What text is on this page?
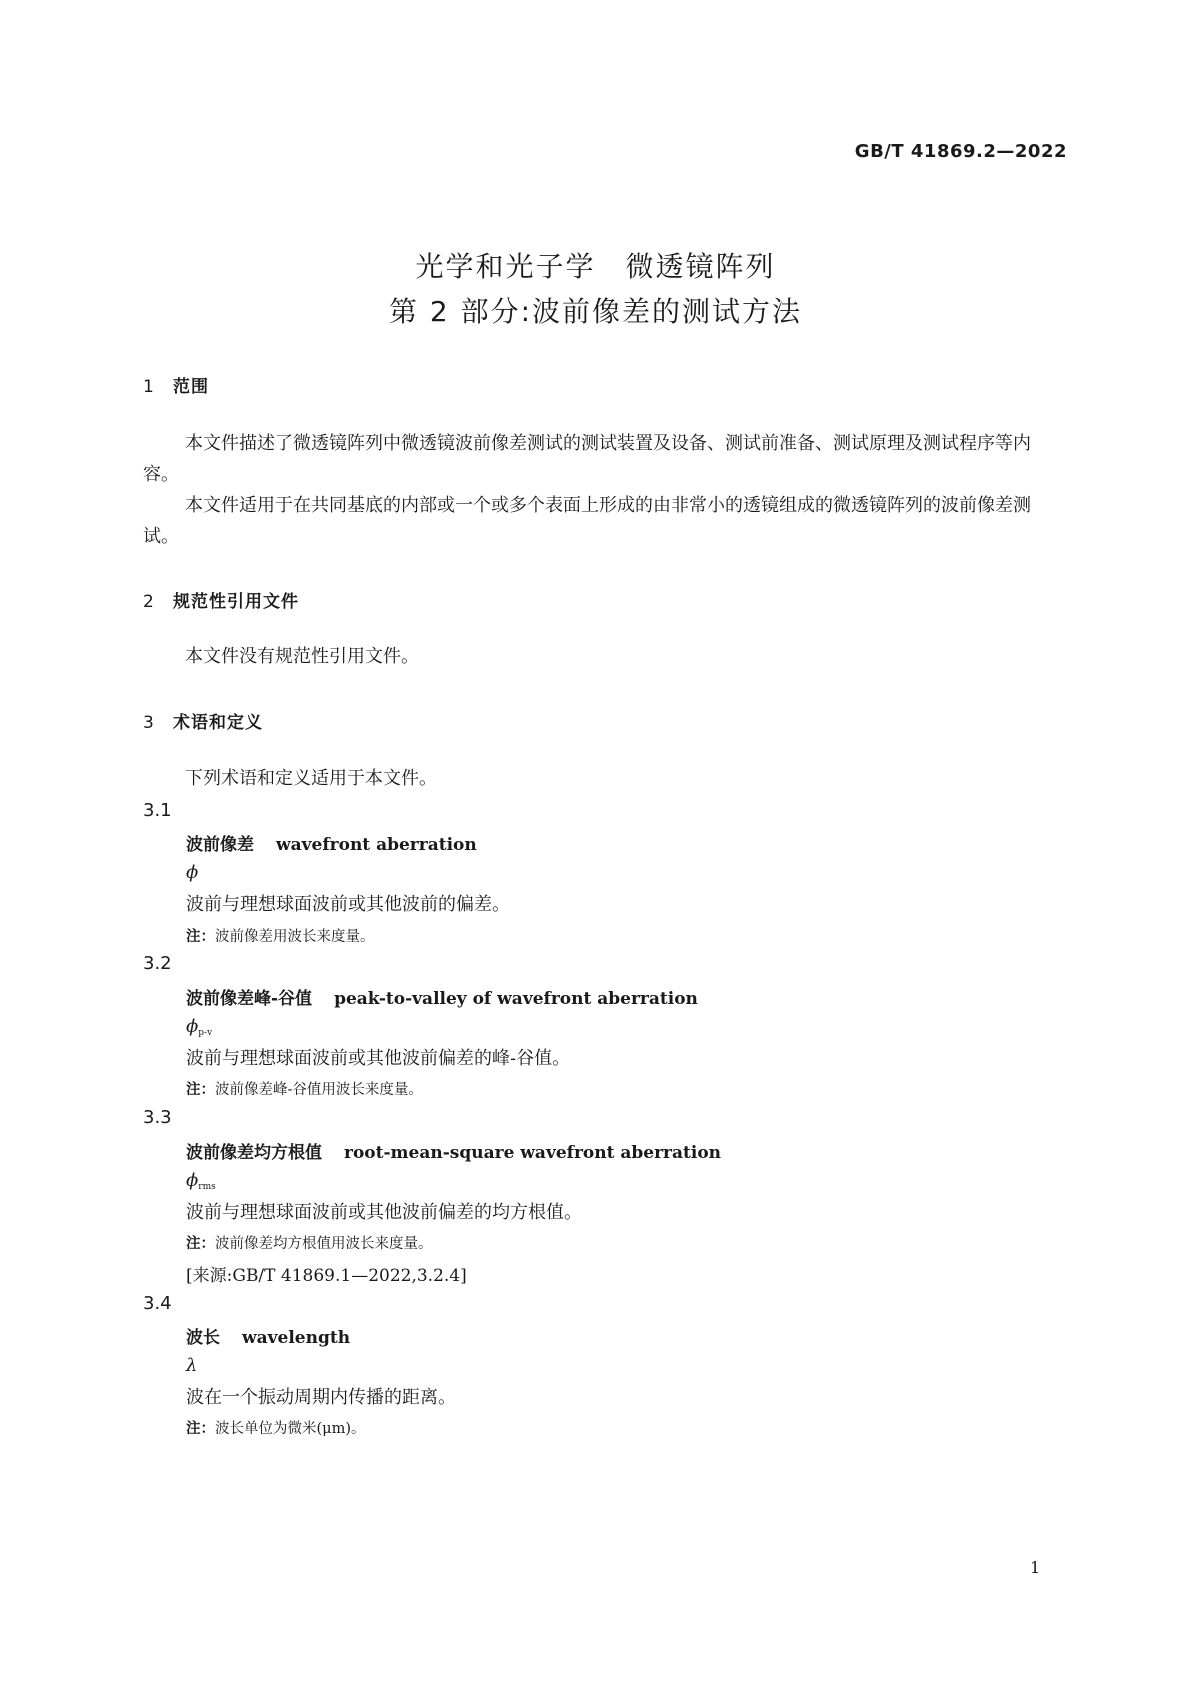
GB/T 41869.2—2022
光学和光子学　微透镜阵列
第 2 部分:波前像差的测试方法
1 范围
本文件描述了微透镜阵列中微透镜波前像差测试的测试装置及设备、测试前准备、测试原理及测试程序等内容。
本文件适用于在共同基底的内部或一个或多个表面上形成的由非常小的透镜组成的微透镜阵列的波前像差测试。
2 规范性引用文件
本文件没有规范性引用文件。
3 术语和定义
下列术语和定义适用于本文件。
3.1
波前像差 wavefront aberration
ϕ
波前与理想球面波前或其他波前的偏差。
注：波前像差用波长来度量。
3.2
波前像差峰-谷值 peak-to-valley of wavefront aberration
$\phi_{p-v}$
波前与理想球面波前或其他波前偏差的峰-谷值。
注：波前像差峰-谷值用波长来度量。
3.3
波前像差均方根值 root-mean-square wavefront aberration
$\phi_{rms}$
波前与理想球面波前或其他波前偏差的均方根值。
注：波前像差均方根值用波长来度量。
[来源:GB/T 41869.1—2022,3.2.4]
3.4
波长 wavelength
λ
波在一个振动周期内传播的距离。
注：波长单位为微米(μm)。
1
